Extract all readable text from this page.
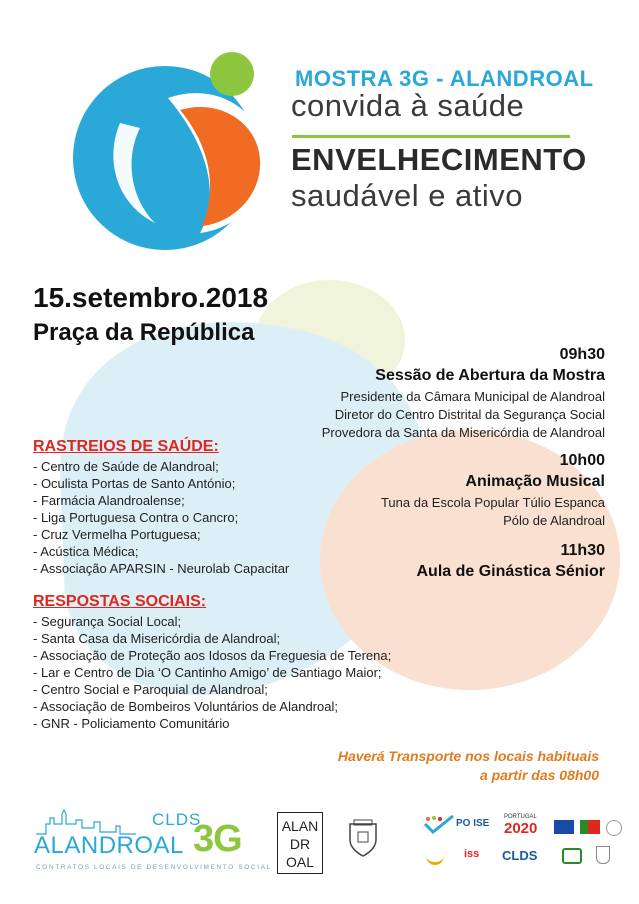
MOSTRA 3G - ALANDROAL
convida à saúde
ENVELHECIMENTO
saudável e ativo
15.setembro.2018
Praça da República
09h30
Sessão de Abertura da Mostra
Presidente da Câmara Municipal de Alandroal
Diretor do Centro Distrital da Segurança Social
Provedora da Santa da Misericórdia de Alandroal
10h00
Animação Musical
Tuna da Escola Popular Túlio Espanca
Pólo de Alandroal
11h30
Aula de Ginástica Sénior
RASTREIOS DE SAÚDE:
- Centro de Saúde de Alandroal;
- Oculista Portas de Santo António;
- Farmácia Alandroalense;
- Liga Portuguesa Contra o Cancro;
- Cruz Vermelha Portuguesa;
- Acústica Médica;
- Associação APARSIN - Neurolab Capacitar
RESPOSTAS SOCIAIS:
- Segurança Social Local;
- Santa Casa da Misericórdia de Alandroal;
- Associação de Proteção aos Idosos da Freguesia de Terena;
- Lar e Centro de Dia ‘O Cantinho Amigo’ de Santiago Maior;
- Centro Social e Paroquial de Alandroal;
- Associação de Bombeiros Voluntários de Alandroal;
- GNR - Policiamento Comunitário
Haverá Transporte nos locais habituais
a partir das 08h00
CLDS
ALANDROAL 3G
CONTRATOS LOCAIS DE DESENVOLVIMENTO SOCIAL
ALAN
DR
OAL
PO ISE
PORTUGAL
2020
iss CLDS
